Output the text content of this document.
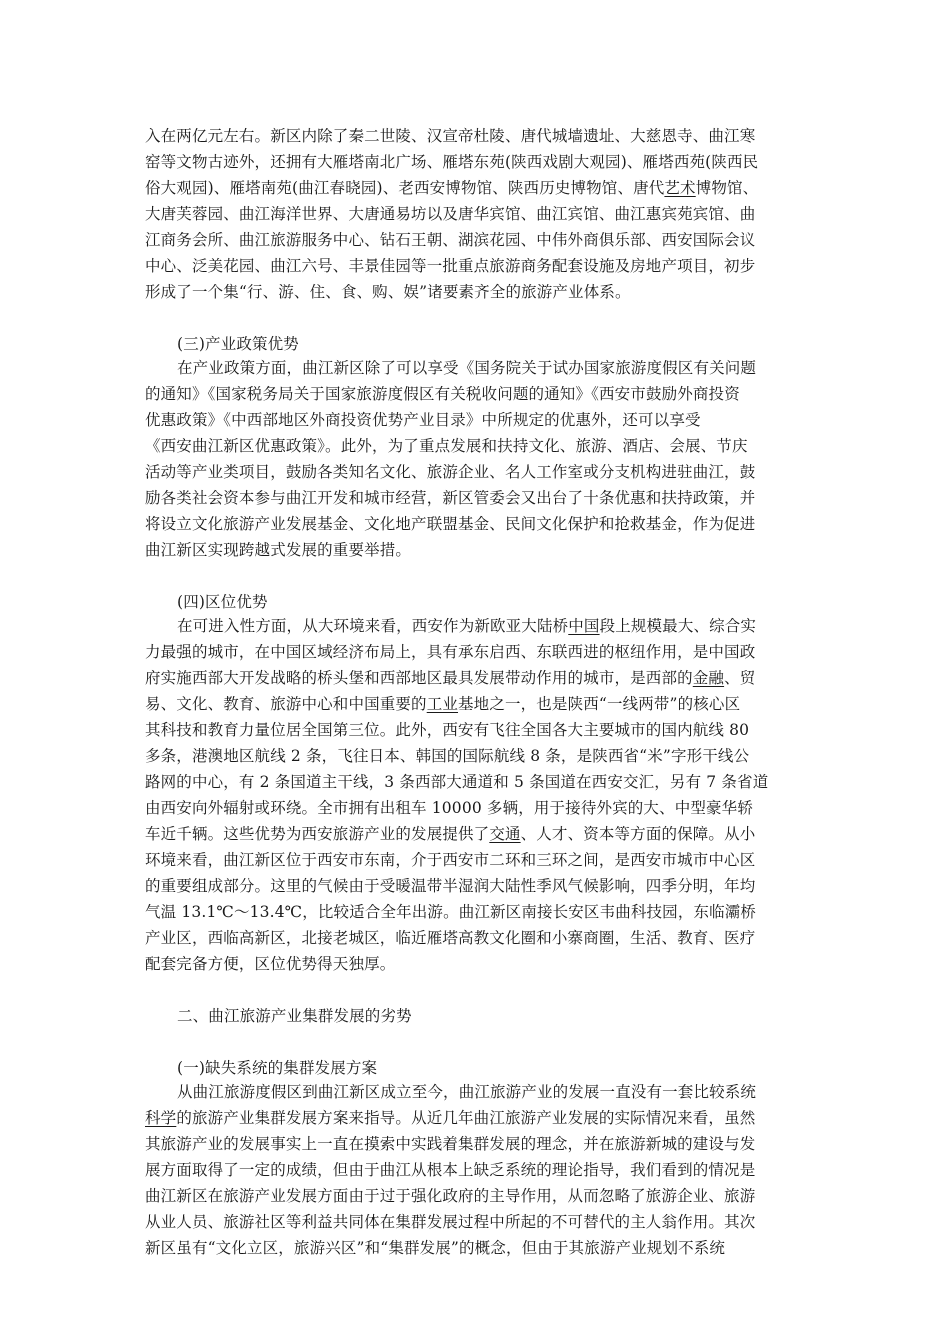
入在两亿元左右。新区内除了秦二世陵、汉宣帝杜陵、唐代城墙遗址、大慈恩寺、曲江寒
窑等文物古迹外，还拥有大雁塔南北广场、雁塔东苑(陕西戏剧大观园)、雁塔西苑(陕西民
俗大观园)、雁塔南苑(曲江春晓园)、老西安博物馆、陕西历史博物馆、唐代艺术博物馆、
大唐芙蓉园、曲江海洋世界、大唐通易坊以及唐华宾馆、曲江宾馆、曲江惠宾苑宾馆、曲
江商务会所、曲江旅游服务中心、钻石王朝、湖滨花园、中伟外商俱乐部、西安国际会议
中心、泛美花园、曲江六号、丰景佳园等一批重点旅游商务配套设施及房地产项目，初步
形成了一个集“行、游、住、食、购、娱”诸要素齐全的旅游产业体系。
(三)产业政策优势
在产业政策方面，曲江新区除了可以享受《国务院关于试办国家旅游度假区有关问题
的通知》《国家税务局关于国家旅游度假区有关税收问题的通知》《西安市鼓励外商投资
优惠政策》《中西部地区外商投资优势产业目录》中所规定的优惠外，还可以享受
《西安曲江新区优惠政策》。此外，为了重点发展和扶持文化、旅游、酒店、会展、节庆
活动等产业类项目，鼓励各类知名文化、旅游企业、名人工作室或分支机构进驻曲江，鼓
励各类社会资本参与曲江开发和城市经营，新区管委会又出台了十条优惠和扶持政策，并
将设立文化旅游产业发展基金、文化地产联盟基金、民间文化保护和抢救基金，作为促进
曲江新区实现跨越式发展的重要举措。
(四)区位优势
在可进入性方面，从大环境来看，西安作为新欧亚大陆桥中国段上规模最大、综合实
力最强的城市，在中国区域经济布局上，具有承东启西、东联西进的枢纽作用，是中国政
府实施西部大开发战略的桥头堡和西部地区最具发展带动作用的城市，是西部的金融、贸
易、文化、教育、旅游中心和中国重要的工业基地之一，也是陕西“一线两带”的核心区
其科技和教育力量位居全国第三位。此外，西安有飞往全国各大主要城市的国内航线 80
多条，港澳地区航线 2 条，飞往日本、韩国的国际航线 8 条，是陕西省“米”字形干线公
路网的中心，有 2 条国道主干线，3 条西部大通道和 5 条国道在西安交汇，另有 7 条省道
由西安向外辐射或环绕。全市拥有出租车 10000 多辆，用于接待外宾的大、中型豪华轿
车近千辆。这些优势为西安旅游产业的发展提供了交通、人才、资本等方面的保障。从小
环境来看，曲江新区位于西安市东南，介于西安市二环和三环之间，是西安市城市中心区
的重要组成部分。这里的气候由于受暖温带半湿润大陆性季风气候影响，四季分明，年均
气温 13.1℃～13.4℃，比较适合全年出游。曲江新区南接长安区韦曲科技园，东临灞桥
产业区，西临高新区，北接老城区，临近雁塔高教文化圈和小寨商圈，生活、教育、医疗
配套完备方便，区位优势得天独厚。
二、曲江旅游产业集群发展的劣势
(一)缺失系统的集群发展方案
从曲江旅游度假区到曲江新区成立至今，曲江旅游产业的发展一直没有一套比较系统
科学的旅游产业集群发展方案来指导。从近几年曲江旅游产业发展的实际情况来看，虽然
其旅游产业的发展事实上一直在摸索中实践着集群发展的理念，并在旅游新城的建设与发
展方面取得了一定的成绩，但由于曲江从根本上缺乏系统的理论指导，我们看到的情况是
曲江新区在旅游产业发展方面由于过于强化政府的主导作用，从而忽略了旅游企业、旅游
从业人员、旅游社区等利益共同体在集群发展过程中所起的不可替代的主人翁作用。其次
新区虽有“文化立区，旅游兴区”和“集群发展”的概念，但由于其旅游产业规划不系统
